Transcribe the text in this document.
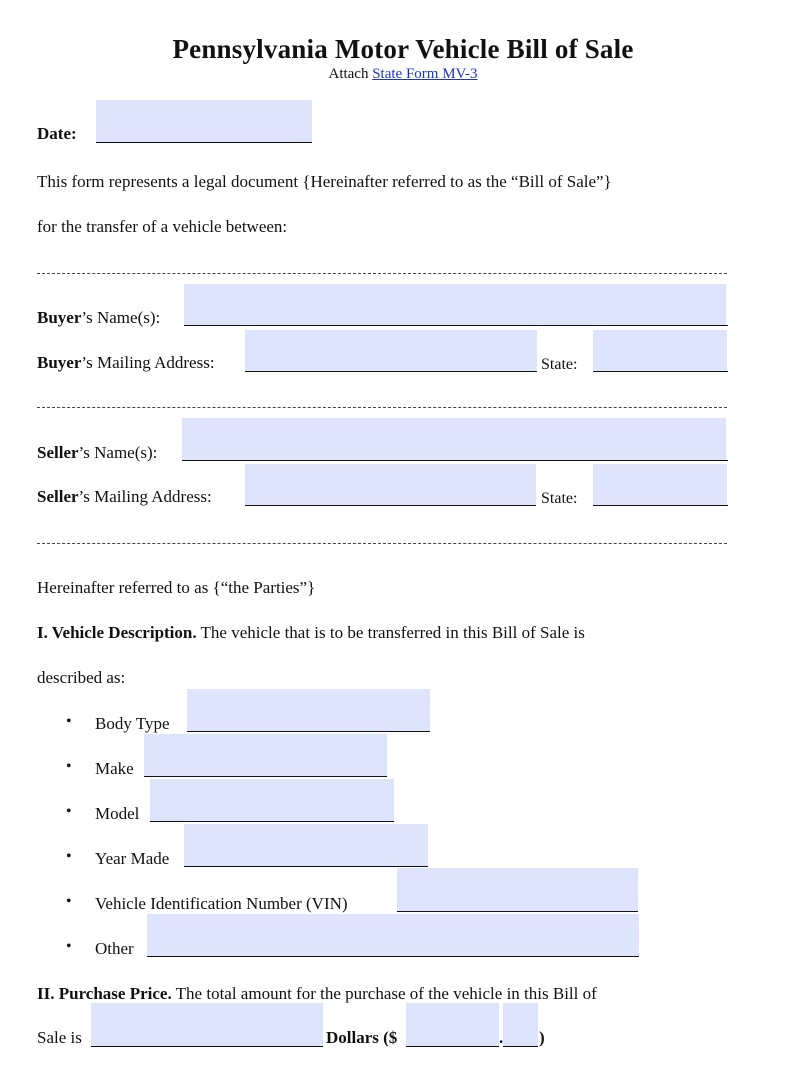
Pennsylvania Motor Vehicle Bill of Sale
Attach State Form MV-3
Date:
This form represents a legal document {Hereinafter referred to as the “Bill of Sale”}
for the transfer of a vehicle between:
Buyer’s Name(s):
Buyer’s Mailing Address:	State:
Seller’s Name(s):
Seller’s Mailing Address:	State:
Hereinafter referred to as {“the Parties”}
I. Vehicle Description. The vehicle that is to be transferred in this Bill of Sale is
described as:
• Body Type
• Make
• Model
• Year Made
• Vehicle Identification Number (VIN)
• Other
II. Purchase Price. The total amount for the purchase of the vehicle in this Bill of
Sale is	Dollars ($	. )
